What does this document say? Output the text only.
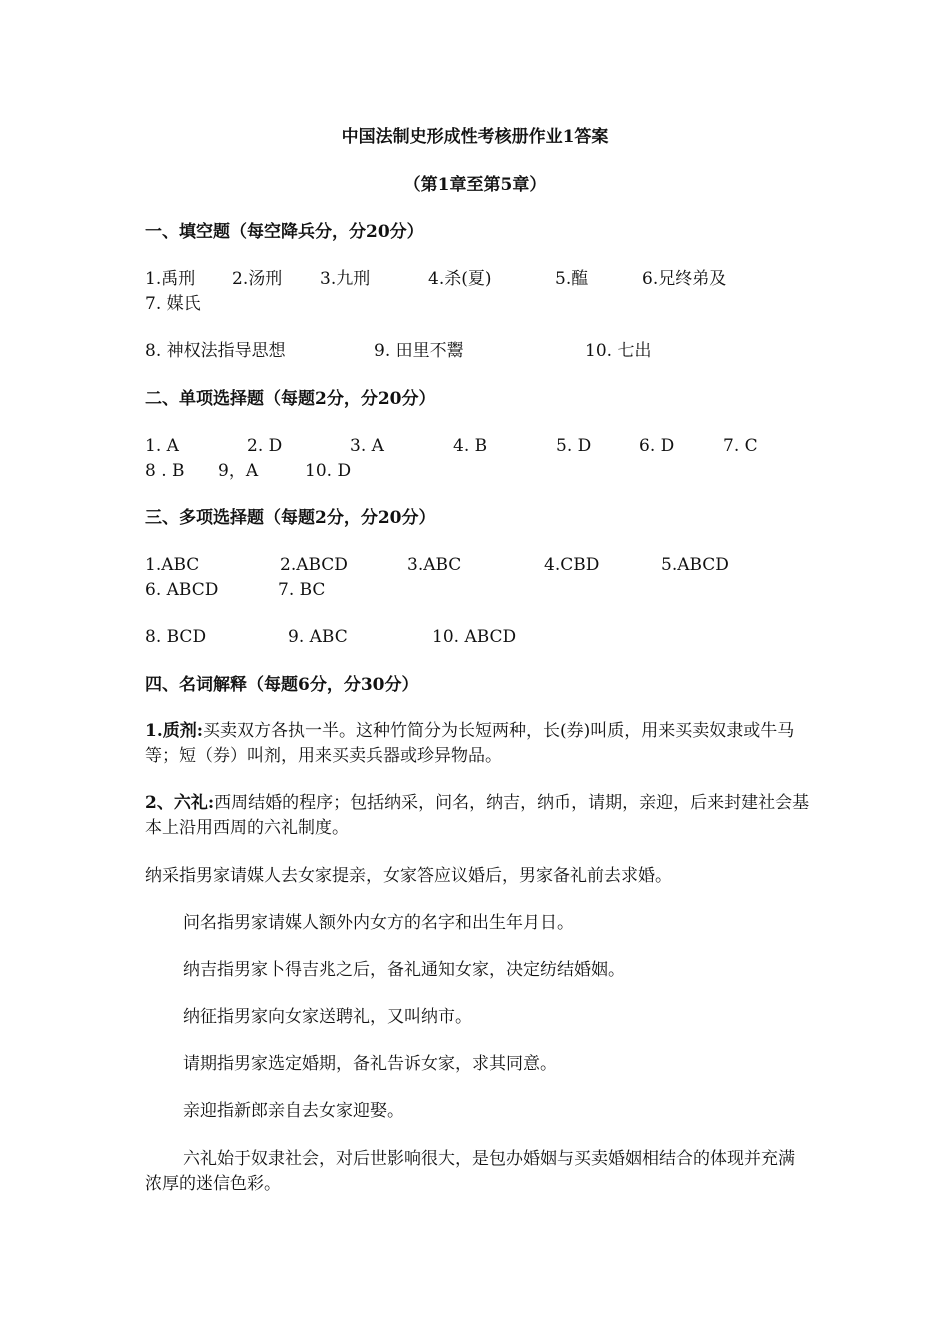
中国法制史形成性考核册作业1答案
（第1章至第5章）
一、填空题（每空降兵分，分20分）
1.禹刑 2.汤刑 3.九刑	4.杀(夏)	5.醢	6.兄终弟及
7. 媒氏
8. 神权法指导思想	9. 田里不鬻	10. 七出
二、单项选择题（每题2分，分20分）
1. A	2. D	3. A	4. B	5. D	6. D	7. C
8 . B 9，A	10. D
三、多项选择题（每题2分，分20分）
1.ABC	2.ABCD	3.ABC	4.CBD	5.ABCD
6. ABCD	7. BC
8. BCD	9. ABC	10. ABCD
四、名词解释（每题6分，分30分）
1.质剂:买卖双方各执一半。这种竹简分为长短两种，长(券)叫质，用来买卖奴隶或牛马等；短（券）叫剂，用来买卖兵器或珍异物品。
2、六礼:西周结婚的程序；包括纳采，问名，纳吉，纳币，请期，亲迎，后来封建社会基本上沿用西周的六礼制度。
纳采指男家请媒人去女家提亲，女家答应议婚后，男家备礼前去求婚。
问名指男家请媒人额外内女方的名字和出生年月日。
纳吉指男家卜得吉兆之后，备礼通知女家，决定纺结婚姻。
纳征指男家向女家送聘礼，又叫纳市。
请期指男家选定婚期，备礼告诉女家，求其同意。
亲迎指新郎亲自去女家迎娶。
六礼始于奴隶社会，对后世影响很大，是包办婚姻与买卖婚姻相结合的体现并充满浓厚的迷信色彩。
